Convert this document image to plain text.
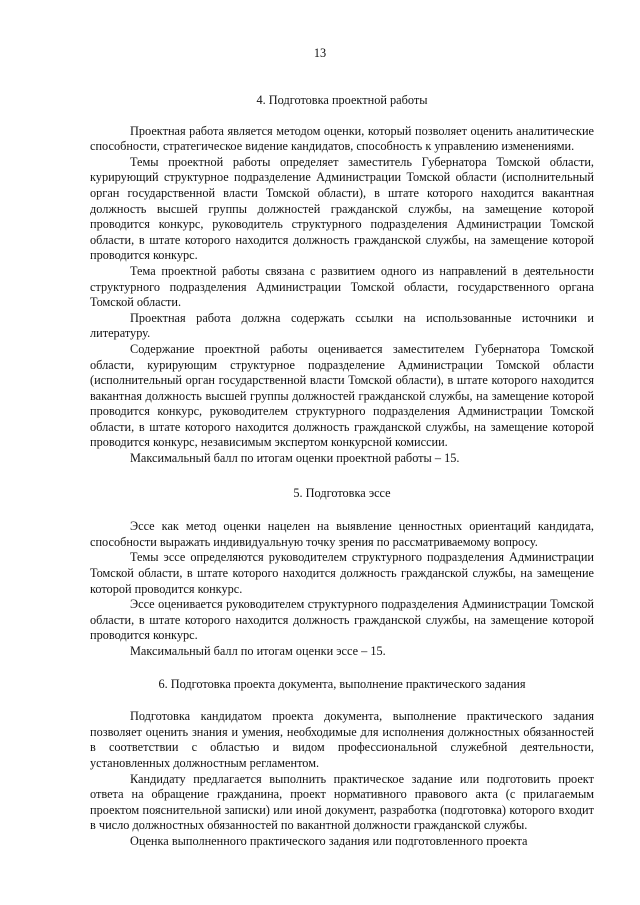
13

4. Подготовка проектной работы

Проектная работа является методом оценки, который позволяет оценить аналитические способности, стратегическое видение кандидатов, способность к управлению изменениями.

Темы проектной работы определяет заместитель Губернатора Томской области, курирующий структурное подразделение Администрации Томской области (исполнительный орган государственной власти Томской области), в штате которого находится вакантная должность высшей группы должностей гражданской службы, на замещение которой проводится конкурс, руководитель структурного подразделения Администрации Томской области, в штате которого находится должность гражданской службы, на замещение которой проводится конкурс.

Тема проектной работы связана с развитием одного из направлений в деятельности структурного подразделения Администрации Томской области, государственного органа Томской области.

Проектная работа должна содержать ссылки на использованные источники и литературу.

Содержание проектной работы оценивается заместителем Губернатора Томской области, курирующим структурное подразделение Администрации Томской области (исполнительный орган государственной власти Томской области), в штате которого находится вакантная должность высшей группы должностей гражданской службы, на замещение которой проводится конкурс, руководителем структурного подразделения Администрации Томской области, в штате которого находится должность гражданской службы, на замещение которой проводится конкурс, независимым экспертом конкурсной комиссии.

Максимальный балл по итогам оценки проектной работы – 15.

5. Подготовка эссе

Эссе как метод оценки нацелен на выявление ценностных ориентаций кандидата, способности выражать индивидуальную точку зрения по рассматриваемому вопросу.

Темы эссе определяются руководителем структурного подразделения Администрации Томской области, в штате которого находится должность гражданской службы, на замещение которой проводится конкурс.

Эссе оценивается руководителем структурного подразделения Администрации Томской области, в штате которого находится должность гражданской службы, на замещение которой проводится конкурс.

Максимальный балл по итогам оценки эссе – 15.

6. Подготовка проекта документа, выполнение практического задания

Подготовка кандидатом проекта документа, выполнение практического задания позволяет оценить знания и умения, необходимые для исполнения должностных обязанностей в соответствии с областью и видом профессиональной служебной деятельности, установленных должностным регламентом.

Кандидату предлагается выполнить практическое задание или подготовить проект ответа на обращение гражданина, проект нормативного правового акта (с прилагаемым проектом пояснительной записки) или иной документ, разработка (подготовка) которого входит в число должностных обязанностей по вакантной должности гражданской службы.

Оценка выполненного практического задания или подготовленного проекта
